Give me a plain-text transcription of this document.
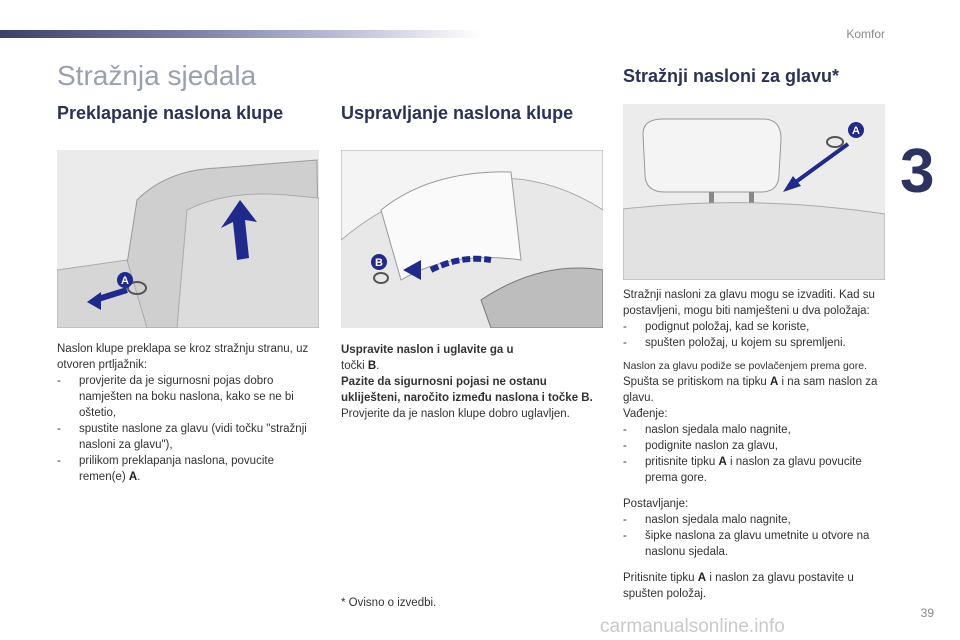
Komfor
3
39
Stražnja sjedala
Preklapanje naslona klupe	Uspravljanje naslona klupe
Stražnji nasloni za glavu*
A
B
A

Naslon klupe preklapa se kroz stražnju stranu, uz otvoren prtljažnik:

-	provjerite da je sigurnosni pojas dobro namješten na boku naslona, kako se ne bi oštetio,
-	spustite naslone za glavu (vidi točku "stražnji nasloni za glavu"),
-	prilikom preklapanja naslona, povucite remen(e) A.

Uspravite naslon i uglavite ga u

točki B.

Pazite da sigurnosni pojasi ne ostanu ukliješteni, naročito između naslona i točke B.

Provjerite da je naslon klupe dobro uglavljen.

Stražnji nasloni za glavu mogu se izvaditi. Kad su postavljeni, mogu biti namješteni u dva položaja:

-	podignut položaj, kad se koriste,
-	spušten položaj, u kojem su spremljeni.

Naslon za glavu podiže se povlačenjem prema gore.

Spušta se pritiskom na tipku A i na sam naslon za glavu.

Vađenje:

-	naslon sjedala malo nagnite,
-	podignite naslon za glavu,
-	pritisnite tipku A i naslon za glavu povucite prema gore.

Postavljanje:

-	naslon sjedala malo nagnite,
-	šipke naslona za glavu umetnite u otvore na naslonu sjedala.

Pritisnite tipku A i naslon za glavu postavite u spušten položaj.

* Ovisno o izvedbi.
carmanualsonline.info
